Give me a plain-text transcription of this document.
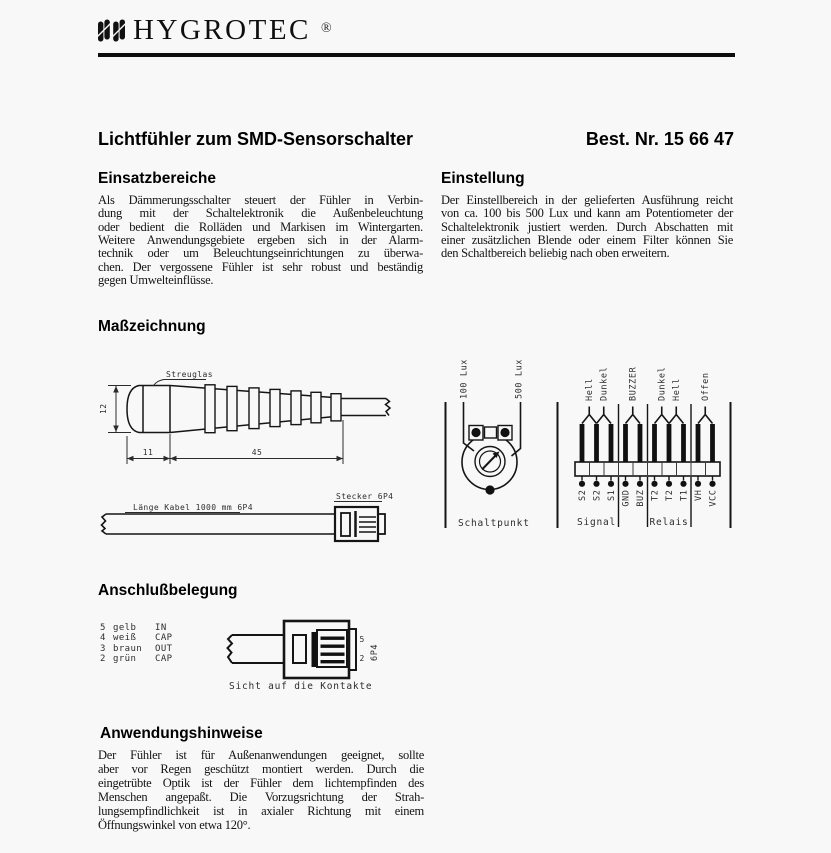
HYGROTEC ®
Lichtfühler zum SMD-Sensorschalter	Best. Nr. 15 66 47
Einsatzbereiche
Als Dämmerungsschalter steuert der Fühler in Verbin-
dung mit der Schaltelektronik die Außenbeleuchtung
oder bedient die Rolläden und Markisen im Wintergarten.
Weitere Anwendungsgebiete ergeben sich in der Alarm-
technik oder um Beleuchtungseinrichtungen zu überwa-
chen. Der vergossene Fühler ist sehr robust und beständig
gegen Umwelteinflüsse.
Einstellung
Der Einstellbereich in der gelieferten Ausführung reicht
von ca. 100 bis 500 Lux und kann am Potentiometer der
Schaltelektronik justiert werden. Durch Abschatten mit
einer zusätzlichen Blende oder einem Filter können Sie
den Schaltbereich beliebig nach oben erweitern.
Maßzeichnung
12
11	45
Streuglas
Länge Kabel 1000 mm 6P4
Stecker 6P4
100 Lux	500 Lux
Schaltpunkt
Hell Dunkel BUZZER Dunkel Hell Offen
S2 S2 S1 GND BUZ T2 T2 T1 VH VCC
Signal	Relais
Anschlußbelegung
5 gelb IN
4 weiß CAP
3 braun OUT
2 grün CAP
5
2 6P4
Sicht auf die Kontakte
Anwendungshinweise
Der Fühler ist für Außenanwendungen geeignet, sollte
aber vor Regen geschützt montiert werden. Durch die
eingetrübte Optik ist der Fühler dem lichtempfinden des
Menschen angepaßt. Die Vorzugsrichtung der Strah-
lungsempfindlichkeit ist in axialer Richtung mit einem
Öffnungswinkel von etwa 120°.
